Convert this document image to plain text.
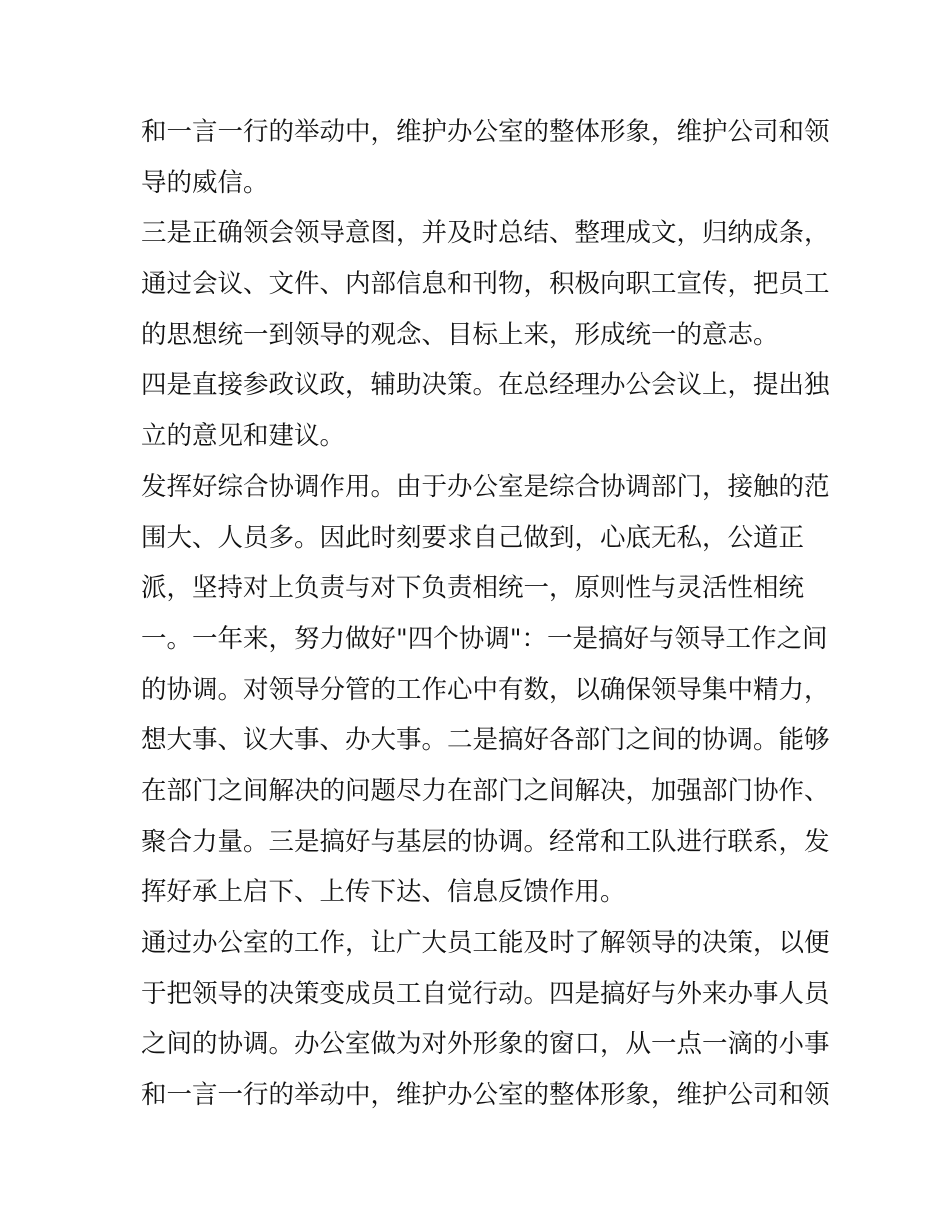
和一言一行的举动中，维护办公室的整体形象，维护公司和领
导的威信。
三是正确领会领导意图，并及时总结、整理成文，归纳成条，
通过会议、文件、内部信息和刊物，积极向职工宣传，把员工
的思想统一到领导的观念、目标上来，形成统一的意志。
四是直接参政议政，辅助决策。在总经理办公会议上，提出独
立的意见和建议。
发挥好综合协调作用。由于办公室是综合协调部门，接触的范
围大、人员多。因此时刻要求自己做到，心底无私，公道正
派，坚持对上负责与对下负责相统一，原则性与灵活性相统
一。一年来，努力做好"四个协调"：一是搞好与领导工作之间
的协调。对领导分管的工作心中有数，以确保领导集中精力，
想大事、议大事、办大事。二是搞好各部门之间的协调。能够
在部门之间解决的问题尽力在部门之间解决，加强部门协作、
聚合力量。三是搞好与基层的协调。经常和工队进行联系，发
挥好承上启下、上传下达、信息反馈作用。
通过办公室的工作，让广大员工能及时了解领导的决策，以便
于把领导的决策变成员工自觉行动。四是搞好与外来办事人员
之间的协调。办公室做为对外形象的窗口，从一点一滴的小事
和一言一行的举动中，维护办公室的整体形象，维护公司和领
